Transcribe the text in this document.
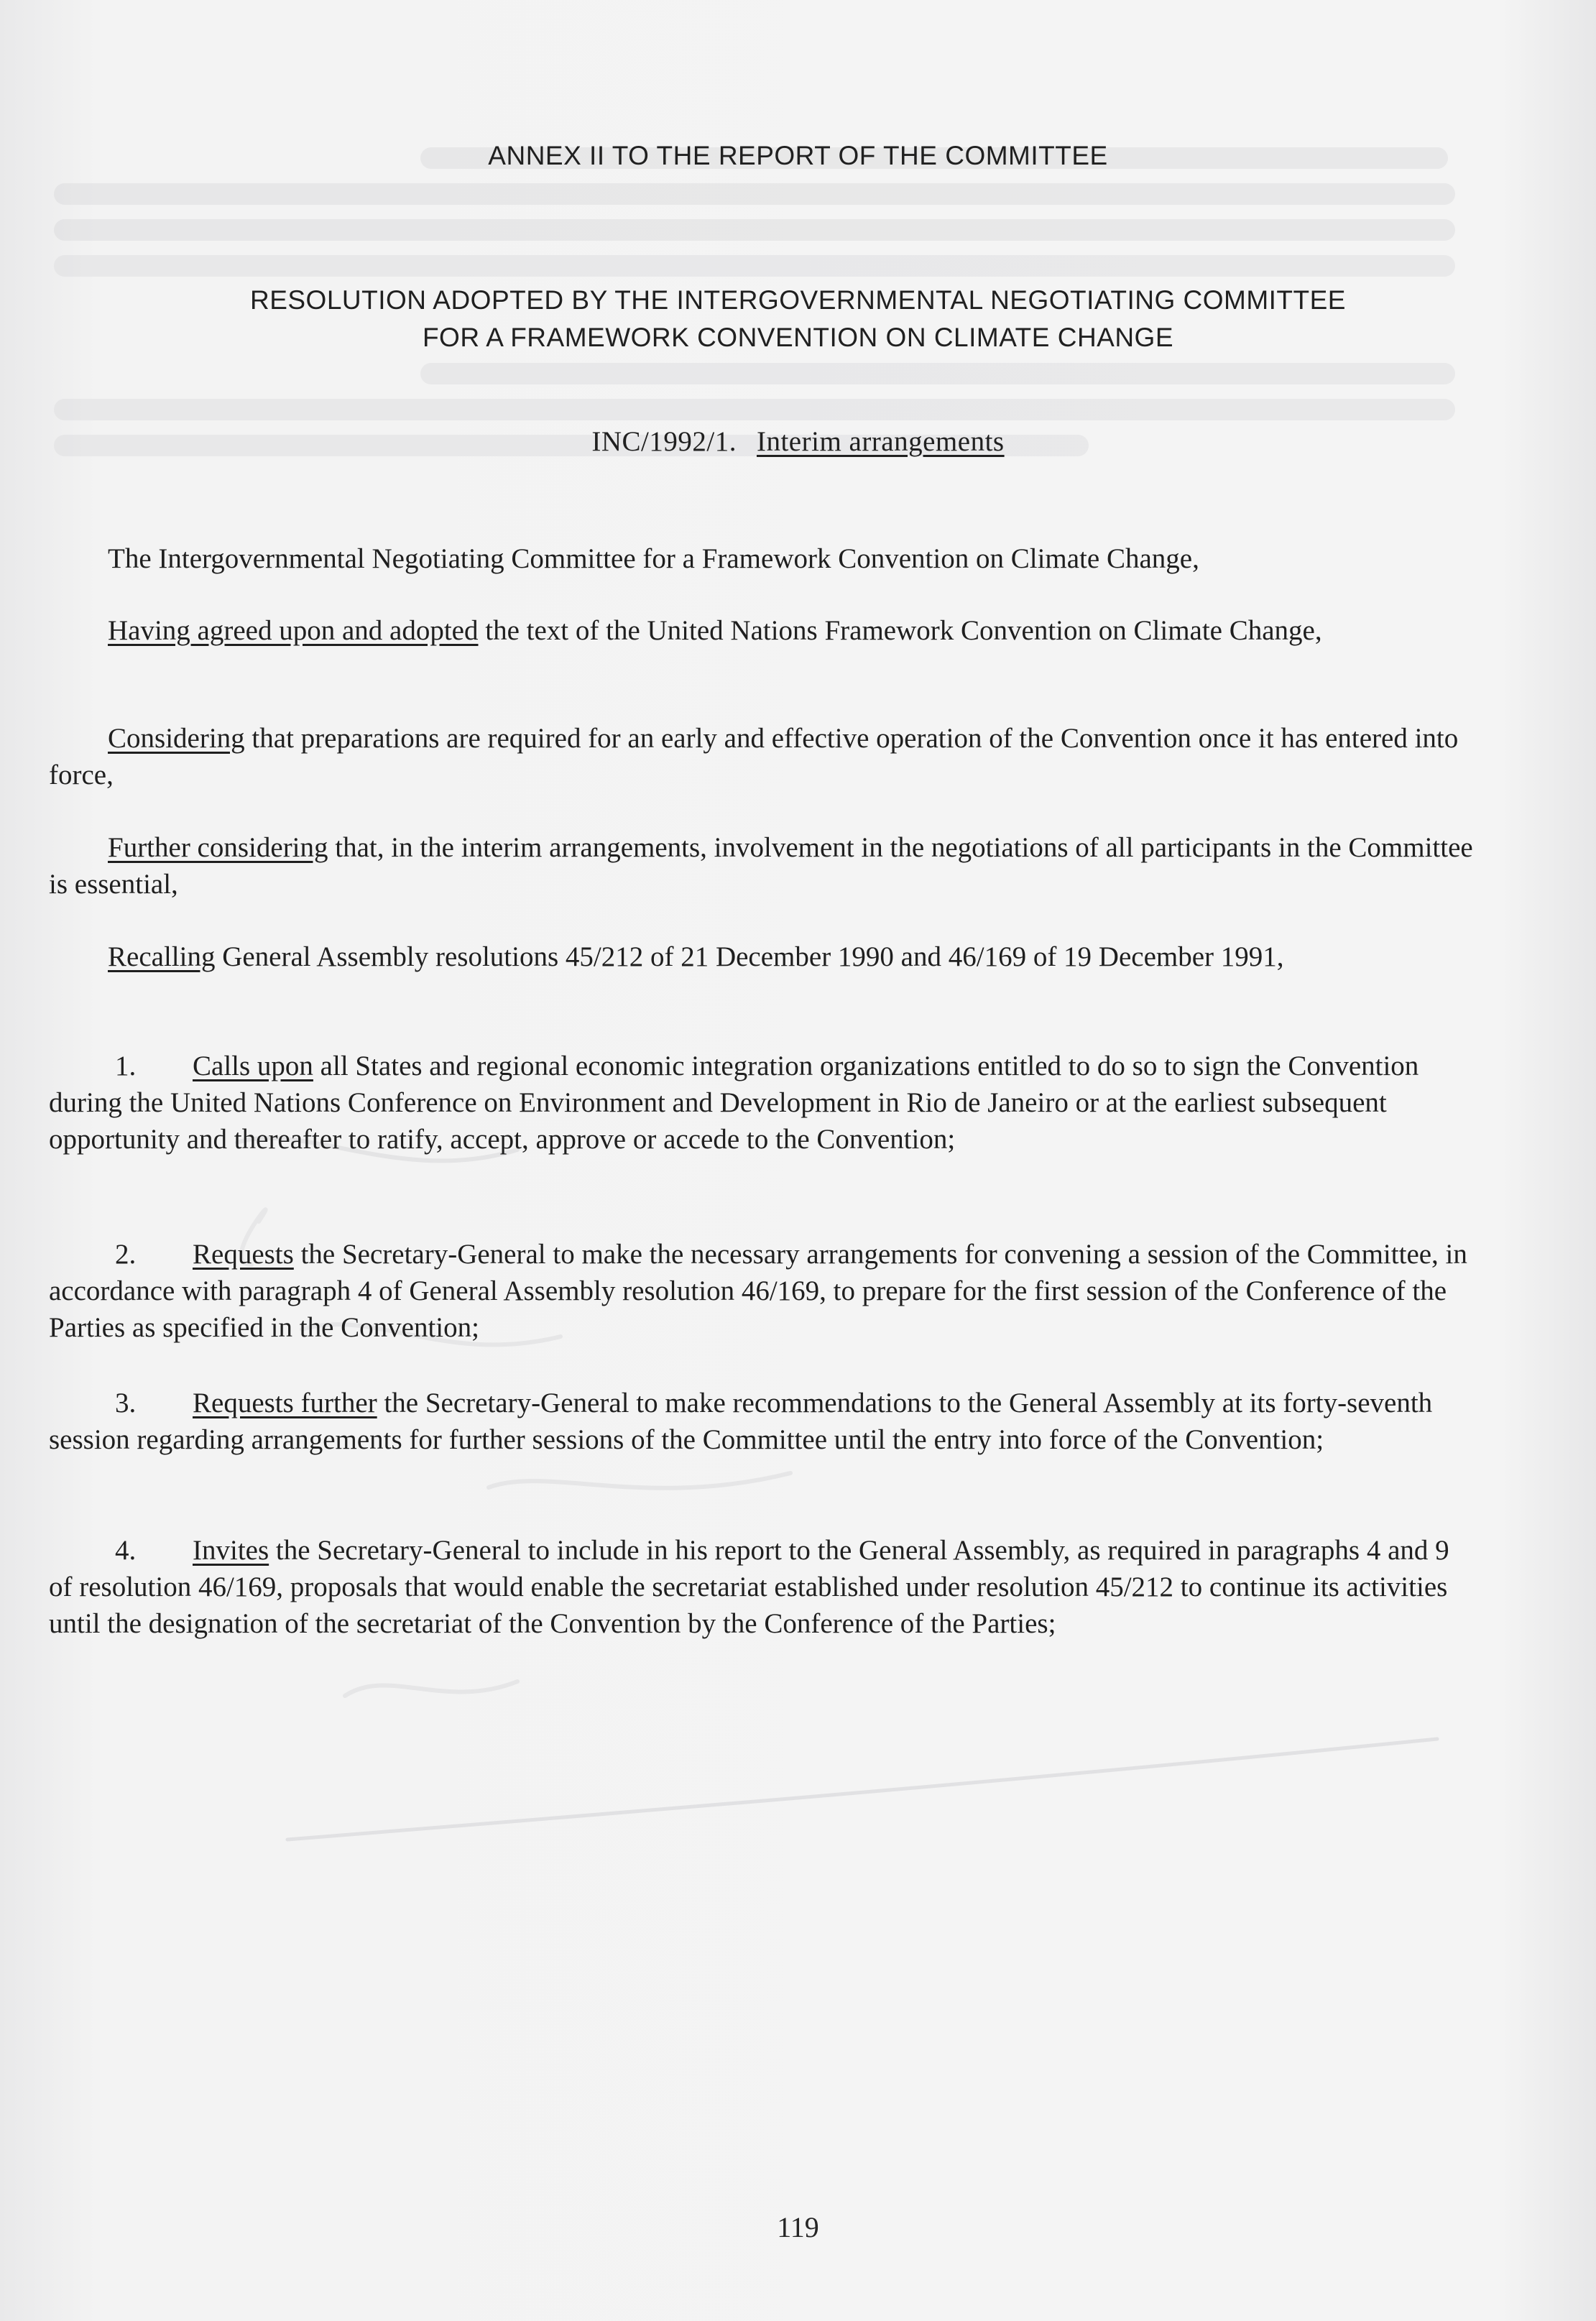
ANNEX II TO THE REPORT OF THE COMMITTEE
RESOLUTION ADOPTED BY THE INTERGOVERNMENTAL NEGOTIATING COMMITTEE
FOR A FRAMEWORK CONVENTION ON CLIMATE CHANGE
INC/1992/1. Interim arrangements
The Intergovernmental Negotiating Committee for a Framework Convention on Climate Change,
Having agreed upon and adopted the text of the United Nations Framework Convention on Climate Change,
Considering that preparations are required for an early and effective operation of the Convention once it has entered into force,
Further considering that, in the interim arrangements, involvement in the negotiations of all participants in the Committee is essential,
Recalling General Assembly resolutions 45/212 of 21 December 1990 and 46/169 of 19 December 1991,
1. Calls upon all States and regional economic integration organizations entitled to do so to sign the Convention during the United Nations Conference on Environment and Development in Rio de Janeiro or at the earliest subsequent opportunity and thereafter to ratify, accept, approve or accede to the Convention;
2. Requests the Secretary-General to make the necessary arrangements for convening a session of the Committee, in accordance with paragraph 4 of General Assembly resolution 46/169, to prepare for the first session of the Conference of the Parties as specified in the Convention;
3. Requests further the Secretary-General to make recommendations to the General Assembly at its forty-seventh session regarding arrangements for further sessions of the Committee until the entry into force of the Convention;
4. Invites the Secretary-General to include in his report to the General Assembly, as required in paragraphs 4 and 9 of resolution 46/169, proposals that would enable the secretariat established under resolution 45/212 to continue its activities until the designation of the secretariat of the Convention by the Conference of the Parties;
119
